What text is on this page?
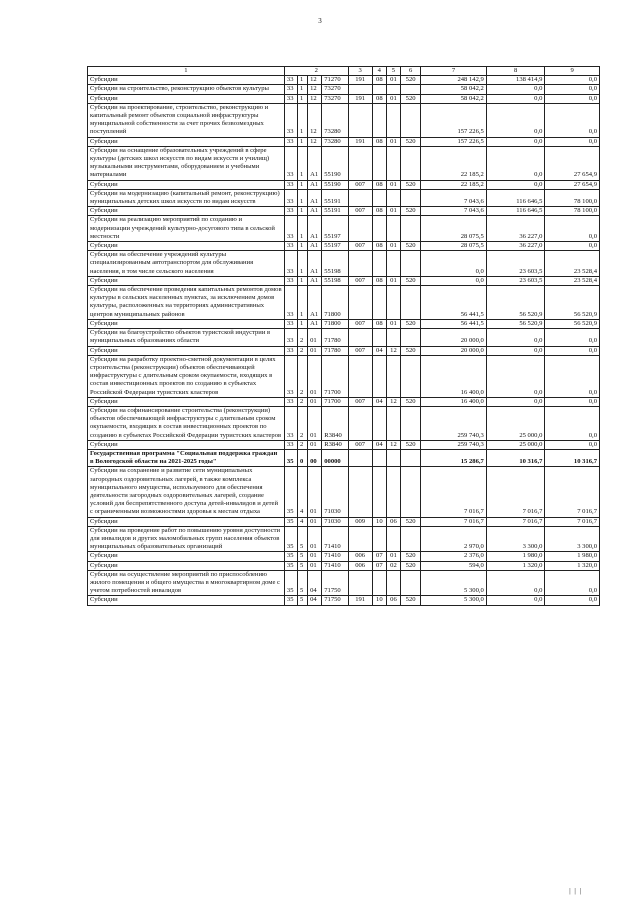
3
1	2				3	4	5	6	7	8	9
Субсидии	33	1	12	71270	191	08	01	520	248 142,9	138 414,9	0,0
Субсидии на строительство, реконструкцию объектов культуры	33	1	12	73270					58 042,2	0,0	0,0
Субсидии	33	1	12	73270	191	08	01	520	58 042,2	0,0	0,0
Субсидии на проектирование, строительство, реконструкцию и капитальный ремонт объектов социальной инфраструктуры муниципальной собственности за счет прочих безвозмездных поступлений	33	1	12	73280					157 226,5	0,0	0,0
Субсидии	33	1	12	73280	191	08	01	520	157 226,5	0,0	0,0
Субсидии на оснащение образовательных учреждений в сфере культуры (детских школ искусств по видам искусств и училищ) музыкальными инструментами, оборудованием и учебными материалами	33	1	A1	55190					22 185,2	0,0	27 654,9
Субсидии	33	1	A1	55190	007	08	01	520	22 185,2	0,0	27 654,9
Субсидии на модернизацию (капитальный ремонт, реконструкцию) муниципальных детских школ искусств по видам искусств	33	1	A1	55191					7 043,6	116 646,5	78 100,0
Субсидии	33	1	A1	55191	007	08	01	520	7 043,6	116 646,5	78 100,0
Субсидии на реализацию мероприятий по созданию и модернизации учреждений культурно-досугового типа в сельской местности	33	1	A1	55197					28 075,5	36 227,0	0,0
Субсидии	33	1	A1	55197	007	08	01	520	28 075,5	36 227,0	0,0
Субсидии на обеспечение учреждений культуры специализированным автотранспортом для обслуживания населения, в том числе сельского населения	33	1	A1	55198					0,0	23 603,5	23 528,4
Субсидии	33	1	A1	55198	007	08	01	520	0,0	23 603,5	23 528,4
Субсидии на обеспечение проведения капитальных ремонтов домов культуры в сельских населенных пунктах, за исключением домов культуры, расположенных на территориях административных центров муниципальных районов	33	1	A1	71800					56 441,5	56 520,9	56 520,9
Субсидии	33	1	A1	71800	007	08	01	520	56 441,5	56 520,9	56 520,9
Субсидии на благоустройство объектов туристской индустрии в муниципальных образованиях области	33	2	01	71780					20 000,0	0,0	0,0
Субсидии	33	2	01	71780	007	04	12	520	20 000,0	0,0	0,0
Субсидии на разработку проектно-сметной документации в целях строительства (реконструкции) объектов обеспечивающей инфраструктуры с длительным сроком окупаемости, входящих в состав инвестиционных проектов по созданию в субъектах Российской Федерации туристских кластеров	33	2	01	71700					16 400,0	0,0	0,0
Субсидии	33	2	01	71700	007	04	12	520	16 400,0	0,0	0,0
Субсидии на софинансирование строительства (реконструкции) объектов обеспечивающей инфраструктуры с длительным сроком окупаемости, входящих в состав инвестиционных проектов по созданию в субъектах Российской Федерации туристских кластеров	33	2	01	R3840					259 740,3	25 000,0	0,0
Субсидии	33	2	01	R3840	007	04	12	520	259 740,3	25 000,0	0,0
Государственная программа "Социальная поддержка граждан в Вологодской области на 2021-2025 годы"	35	0	00	00000					15 286,7	10 316,7	10 316,7
Субсидии на сохранение и развитие сети муниципальных загородных оздоровительных лагерей, в также комплекса муниципального имущества, используемого для обеспечения деятельности загородных оздоровительных лагерей, создание условий для беспрепятственного доступа детей-инвалидов и детей с ограниченными возможностями здоровья к местам отдыха	35	4	01	71030					7 016,7	7 016,7	7 016,7
Субсидии	35	4	01	71030	009	10	06	520	7 016,7	7 016,7	7 016,7
Субсидии на проведение работ по повышению уровня доступности для инвалидов и других маломобильных групп населения объектов муниципальных образовательных организаций	35	5	01	71410					2 970,0	3 300,0	3 300,0
Субсидии	35	5	01	71410	006	07	01	520	2 376,0	1 980,0	1 980,0
Субсидии	35	5	01	71410	006	07	02	520	594,0	1 320,0	1 320,0
Субсидии на осуществление мероприятий по приспособлению жилого помещения и общего имущества в многоквартирном доме с учетом потребностей инвалидов	35	5	04	71750					5 300,0	0,0	0,0
Субсидии	35	5	04	71750	191	10	06	520	5 300,0	0,0	0,0
| | |
